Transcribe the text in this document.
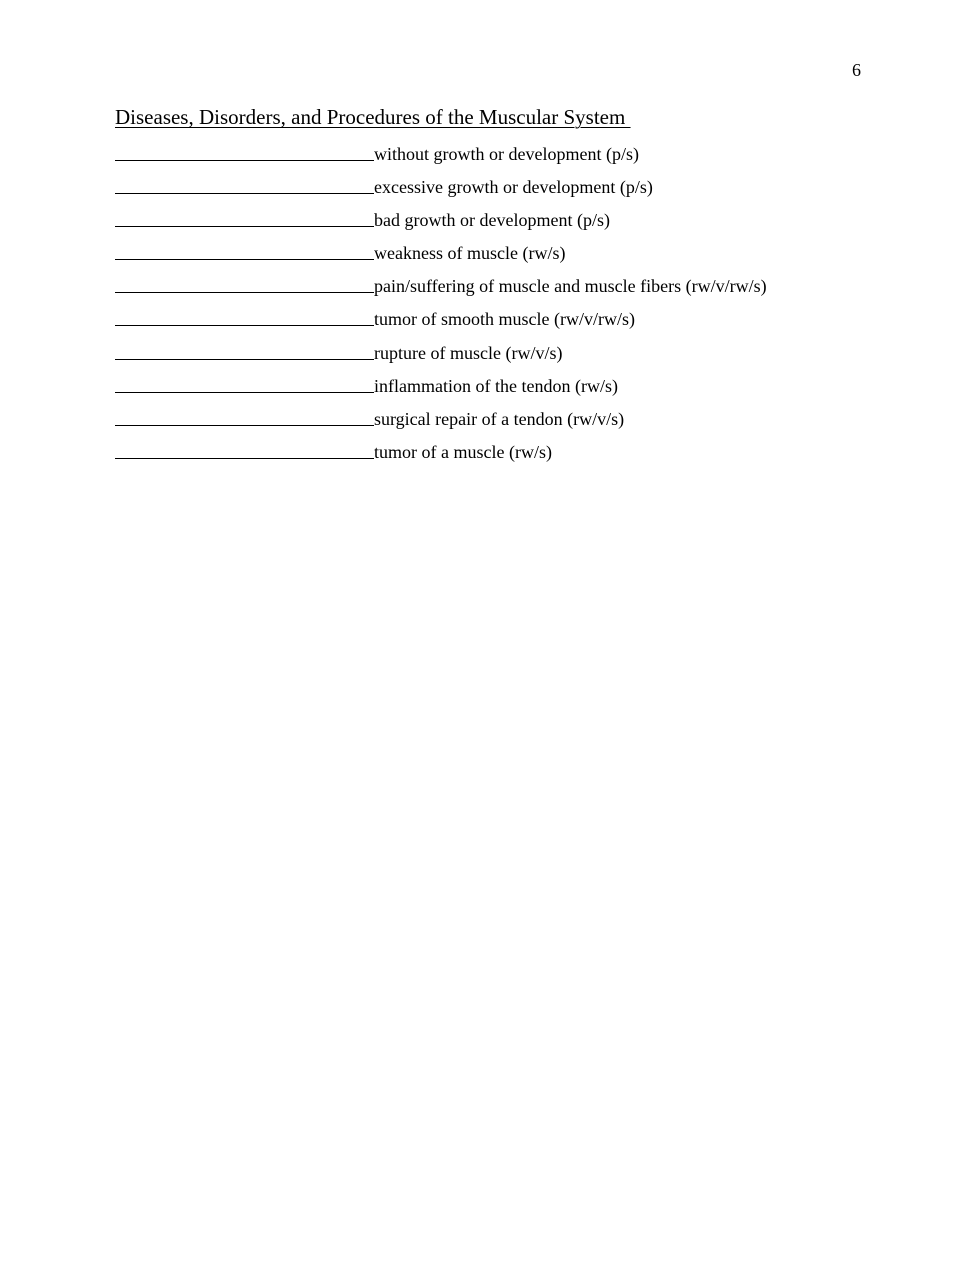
6
Diseases, Disorders, and Procedures of the Muscular System
without growth or development (p/s)
excessive growth or development (p/s)
bad growth or development (p/s)
weakness of muscle (rw/s)
pain/suffering of muscle and muscle fibers (rw/v/rw/s)
tumor of smooth muscle (rw/v/rw/s)
rupture of muscle (rw/v/s)
inflammation of the tendon (rw/s)
surgical repair of a tendon (rw/v/s)
tumor of a muscle (rw/s)
